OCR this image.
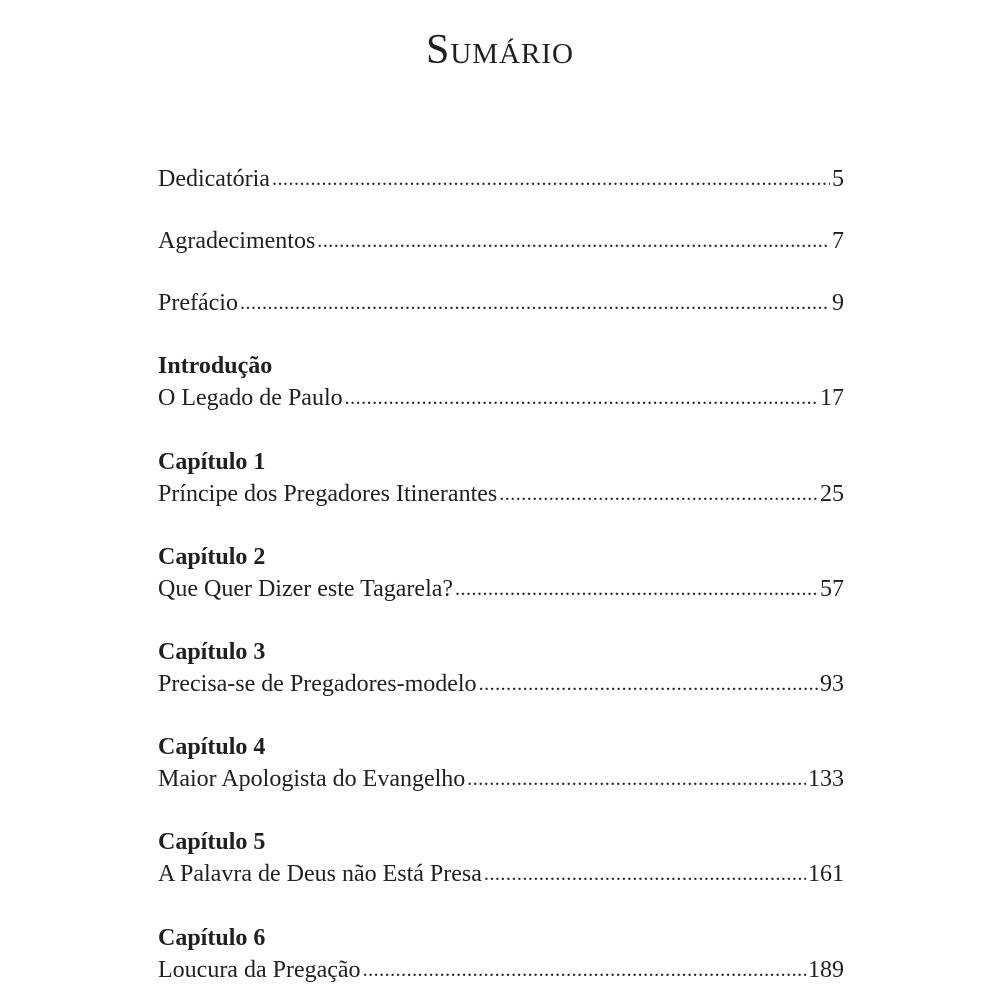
Sumário
Dedicatória .....	5
Agradecimentos .....	7
Prefácio .....	9
Introdução
O Legado de Paulo .....	17
Capítulo 1
Príncipe dos Pregadores Itinerantes .....	25
Capítulo 2
Que Quer Dizer este Tagarela? .....	57
Capítulo 3
Precisa-se de Pregadores-modelo .....	93
Capítulo 4
Maior Apologista do Evangelho .....	133
Capítulo 5
A Palavra de Deus não Está Presa .....	161
Capítulo 6
Loucura da Pregação .....	189
